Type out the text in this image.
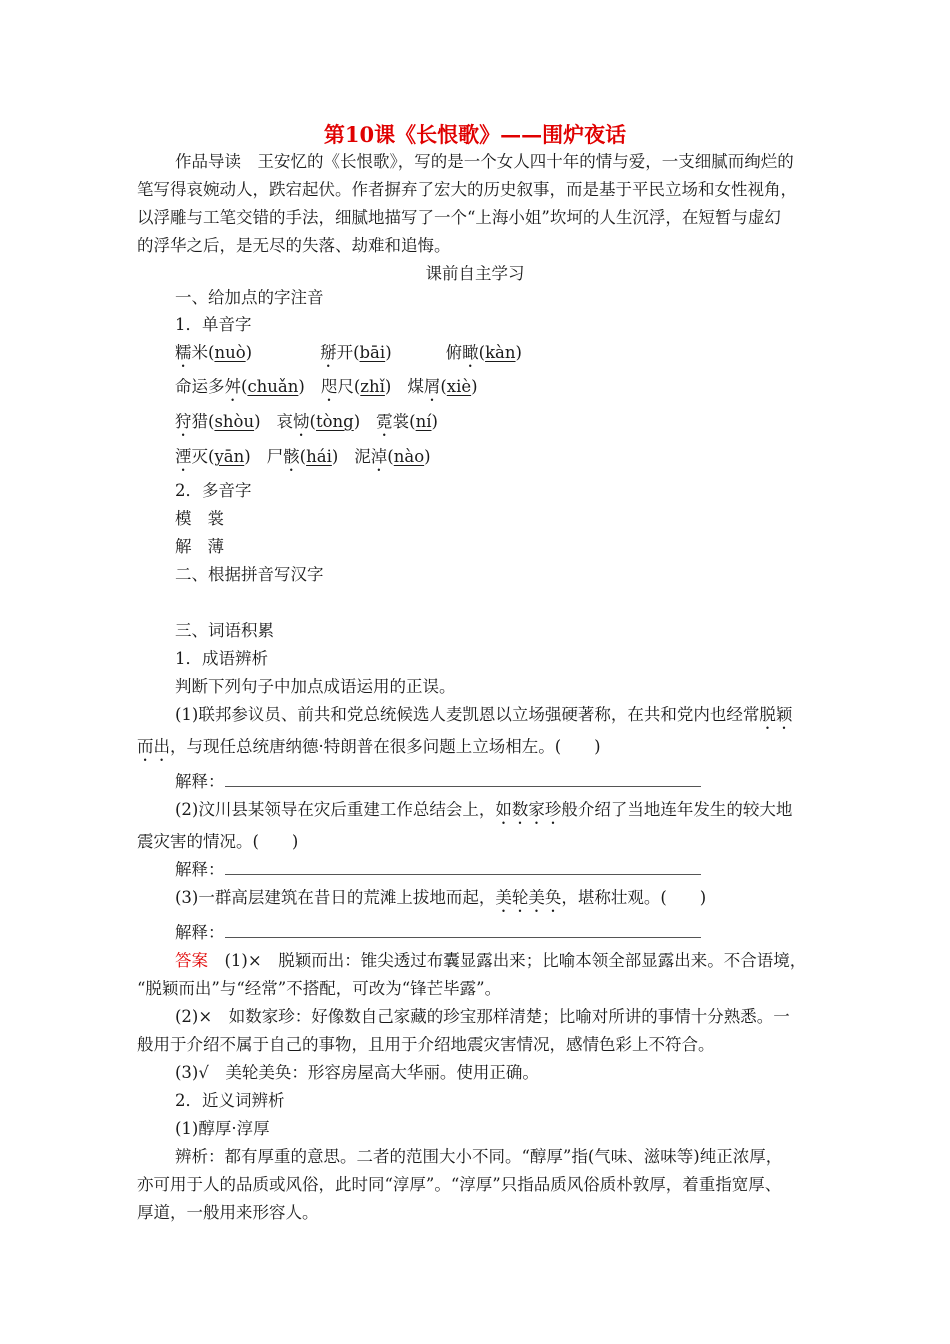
第10课《长恨歌》——围炉夜话
作品导读　王安忆的《长恨歌》，写的是一个女人四十年的情与爱，一支细腻而绚烂的
笔写得哀婉动人，跌宕起伏。作者摒弃了宏大的历史叙事，而是基于平民立场和女性视角，
以浮雕与工笔交错的手法，细腻地描写了一个“上海小姐”坎坷的人生沉浮，在短暂与虚幻
的浮华之后，是无尽的失落、劫难和追悔。
课前自主学习
一、给加点的字注音
1．单音字
糯米(nuò)	掰开(bāi)	俯瞰(kàn)
命运多舛(chuǎn) 咫尺(zhǐ) 煤屑(xiè)
狩猎(shòu) 哀恸(tòng) 霓裳(ní)
湮灭(yān) 尸骸(hái) 泥淖(nào)
2．多音字
模 裳
解 薄
二、根据拼音写汉字
三、词语积累
1．成语辨析
判断下列句子中加点成语运用的正误。
(1)联邦参议员、前共和党总统候选人麦凯恩以立场强硬著称，在共和党内也经常脱颖
而出，与现任总统唐纳德·特朗普在很多问题上立场相左。(　　)
解释：
(2)汶川县某领导在灾后重建工作总结会上，如数家珍般介绍了当地连年发生的较大地
震灾害的情况。(　　)
解释：
(3)一群高层建筑在昔日的荒滩上拔地而起，美轮美奂，堪称壮观。(　　)
解释：
答案　(1)×　脱颖而出：锥尖透过布囊显露出来；比喻本领全部显露出来。不合语境，
“脱颖而出”与“经常”不搭配，可改为“锋芒毕露”。
(2)×　如数家珍：好像数自己家藏的珍宝那样清楚；比喻对所讲的事情十分熟悉。一
般用于介绍不属于自己的事物，且用于介绍地震灾害情况，感情色彩上不符合。
(3)√　美轮美奂：形容房屋高大华丽。使用正确。
2．近义词辨析
(1)醇厚·淳厚
辨析：都有厚重的意思。二者的范围大小不同。“醇厚”指(气味、滋味等)纯正浓厚，
亦可用于人的品质或风俗，此时同“淳厚”。“淳厚”只指品质风俗质朴敦厚，着重指宽厚、
厚道，一般用来形容人。
